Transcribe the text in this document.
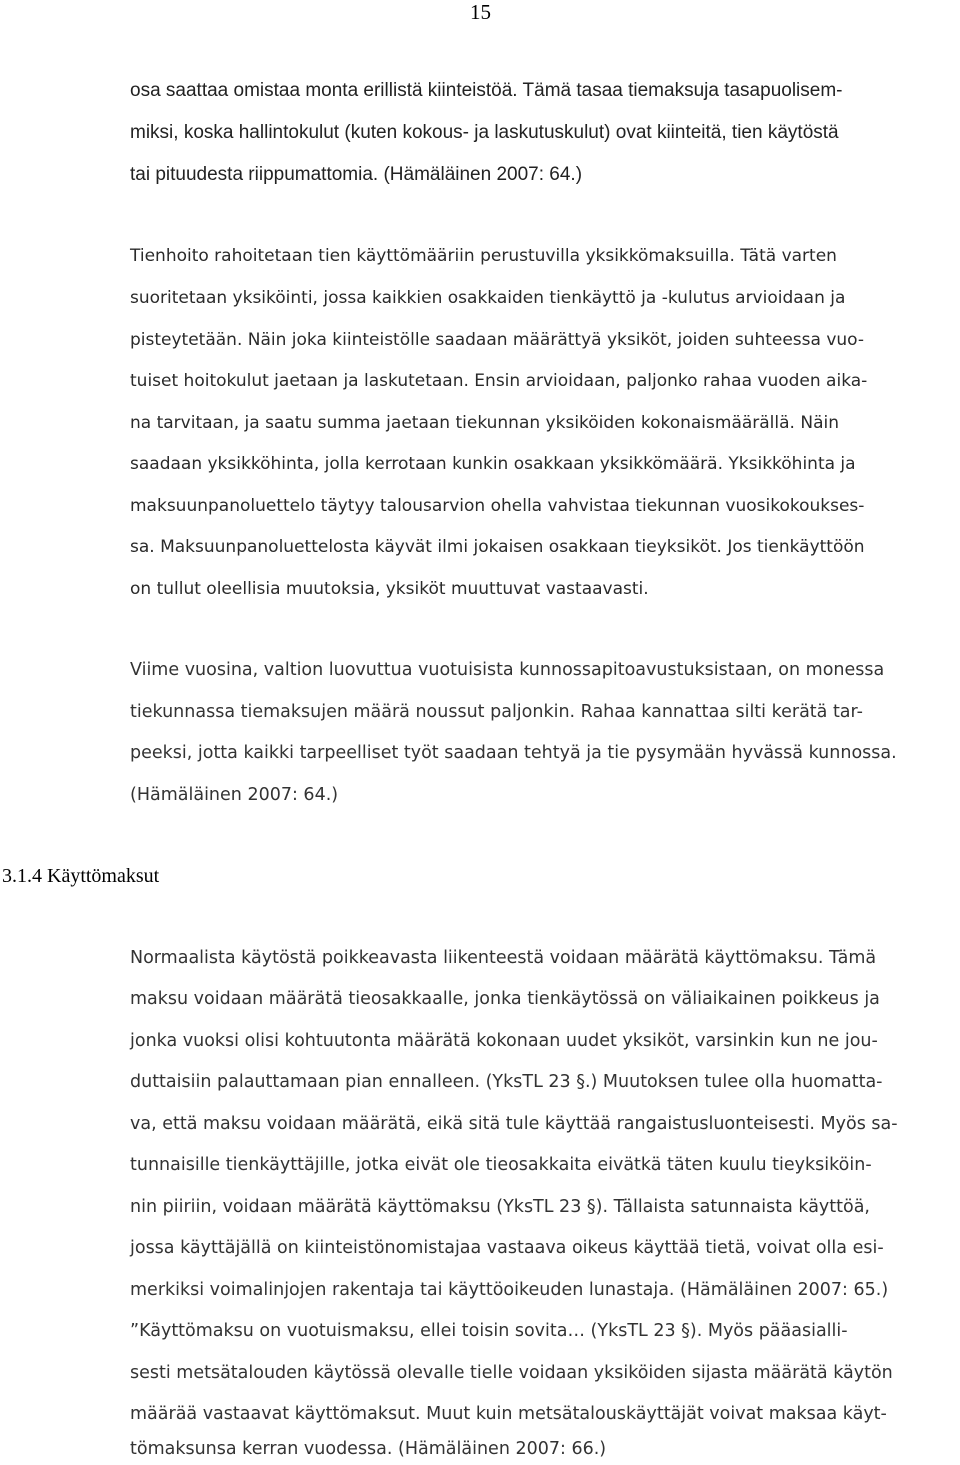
15
osa saattaa omistaa monta erillistä kiinteistöä. Tämä tasaa tiemaksuja tasapuolisem-
miksi, koska hallintokulut (kuten kokous- ja laskutuskulut) ovat kiinteitä, tien käytöstä
tai pituudesta riippumattomia. (Hämäläinen 2007: 64.)
Tienhoito rahoitetaan tien käyttömääriin perustuvilla yksikkömaksuilla. Tätä varten
suoritetaan yksiköinti, jossa kaikkien osakkaiden tienkäyttö ja -kulutus arvioidaan ja
pisteytetään. Näin joka kiinteistölle saadaan määrättyä yksiköt, joiden suhteessa vuo-
tuiset hoitokulut jaetaan ja laskutetaan. Ensin arvioidaan, paljonko rahaa vuoden aika-
na tarvitaan, ja saatu summa jaetaan tiekunnan yksiköiden kokonaismäärällä. Näin
saadaan yksikköhinta, jolla kerrotaan kunkin osakkaan yksikkömäärä. Yksikköhinta ja
maksuunpanoluettelo täytyy talousarvion ohella vahvistaa tiekunnan vuosikokoukses-
sa. Maksuunpanoluettelosta käyvät ilmi jokaisen osakkaan tieyksiköt. Jos tienkäyttöön
on tullut oleellisia muutoksia, yksiköt muuttuvat vastaavasti.
Viime vuosina, valtion luovuttua vuotuisista kunnossapitoavustuksistaan, on monessa
tiekunnassa tiemaksujen määrä noussut paljonkin. Rahaa kannattaa silti kerätä tar-
peeksi, jotta kaikki tarpeelliset työt saadaan tehtyä ja tie pysymään hyvässä kunnossa.
(Hämäläinen 2007: 64.)
3.1.4 Käyttömaksut
Normaalista käytöstä poikkeavasta liikenteestä voidaan määrätä käyttömaksu. Tämä
maksu voidaan määrätä tieosakkaalle, jonka tienkäytössä on väliaikainen poikkeus ja
jonka vuoksi olisi kohtuutonta määrätä kokonaan uudet yksiköt, varsinkin kun ne jou-
duttaisiin palauttamaan pian ennalleen. (YksTL 23 §.) Muutoksen tulee olla huomatta-
va, että maksu voidaan määrätä, eikä sitä tule käyttää rangaistusluonteisesti. Myös sa-
tunnaisille tienkäyttäjille, jotka eivät ole tieosakkaita eivätkä täten kuulu tieyksiköin-
nin piiriin, voidaan määrätä käyttömaksu (YksTL 23 §). Tällaista satunnaista käyttöä,
jossa käyttäjällä on kiinteistönomistajaa vastaava oikeus käyttää tietä, voivat olla esi-
merkiksi voimalinjojen rakentaja tai käyttöoikeuden lunastaja. (Hämäläinen 2007: 65.)
”Käyttömaksu on vuotuismaksu, ellei toisin sovita… (YksTL 23 §). Myös pääasialli-
sesti metsätalouden käytössä olevalle tielle voidaan yksiköiden sijasta määrätä käytön
määrää vastaavat käyttömaksut. Muut kuin metsätalouskäyttäjät voivat maksaa käyt-
tömaksunsa kerran vuodessa. (Hämäläinen 2007: 66.)
